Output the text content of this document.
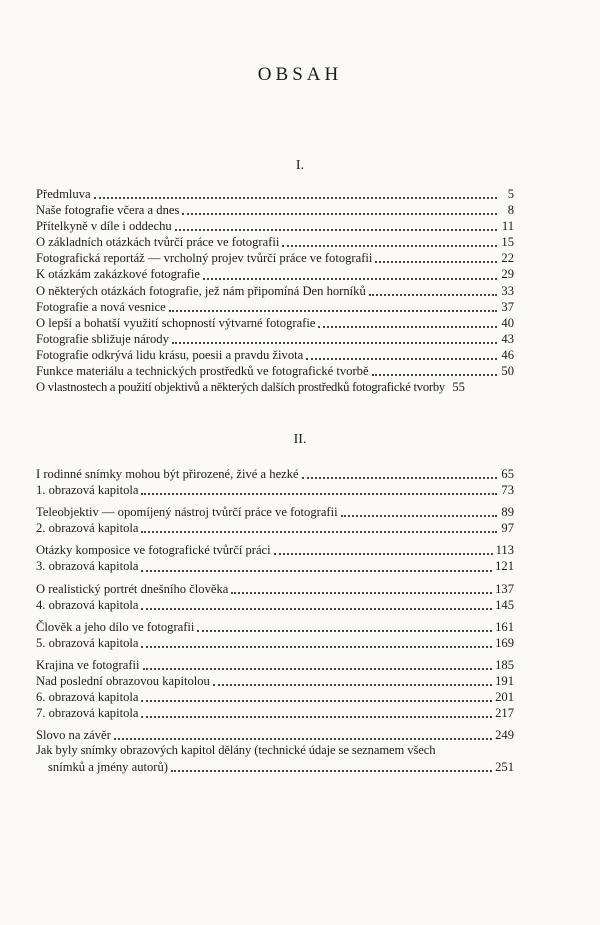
OBSAH
I.
Předmluva	5
Naše fotografie včera a dnes	8
Přítelkyně v díle i oddechu	11
O základních otázkách tvůrčí práce ve fotografii	15
Fotografická reportáž — vrcholný projev tvůrčí práce ve fotografii	22
K otázkám zakázkové fotografie	29
O některých otázkách fotografie, jež nám připomíná Den horníků	33
Fotografie a nová vesnice	37
O lepší a bohatší využití schopností výtvarné fotografie	40
Fotografie sbližuje národy	43
Fotografie odkrývá lidu krásu, poesii a pravdu života	46
Funkce materiálu a technických prostředků ve fotografické tvorbě	50
O vlastnostech a použití objektivů a některých dalších prostředků fotografické tvorby 55
II.
I rodinné snímky mohou být přirozené, živé a hezké	65
1. obrazová kapitola	73
Teleobjektiv — opomíjený nástroj tvůrčí práce ve fotografii	89
2. obrazová kapitola	97
Otázky komposice ve fotografické tvůrčí práci	113
3. obrazová kapitola	121
O realistický portrét dnešního člověka	137
4. obrazová kapitola	145
Člověk a jeho dílo ve fotografii	161
5. obrazová kapitola	169
Krajina ve fotografii	185
Nad poslední obrazovou kapitolou	191
6. obrazová kapitola	201
7. obrazová kapitola	217
Slovo na závěr	249
Jak byly snímky obrazových kapitol dělány (technické údaje se seznamem všech
snímků a jmény autorů)	251
